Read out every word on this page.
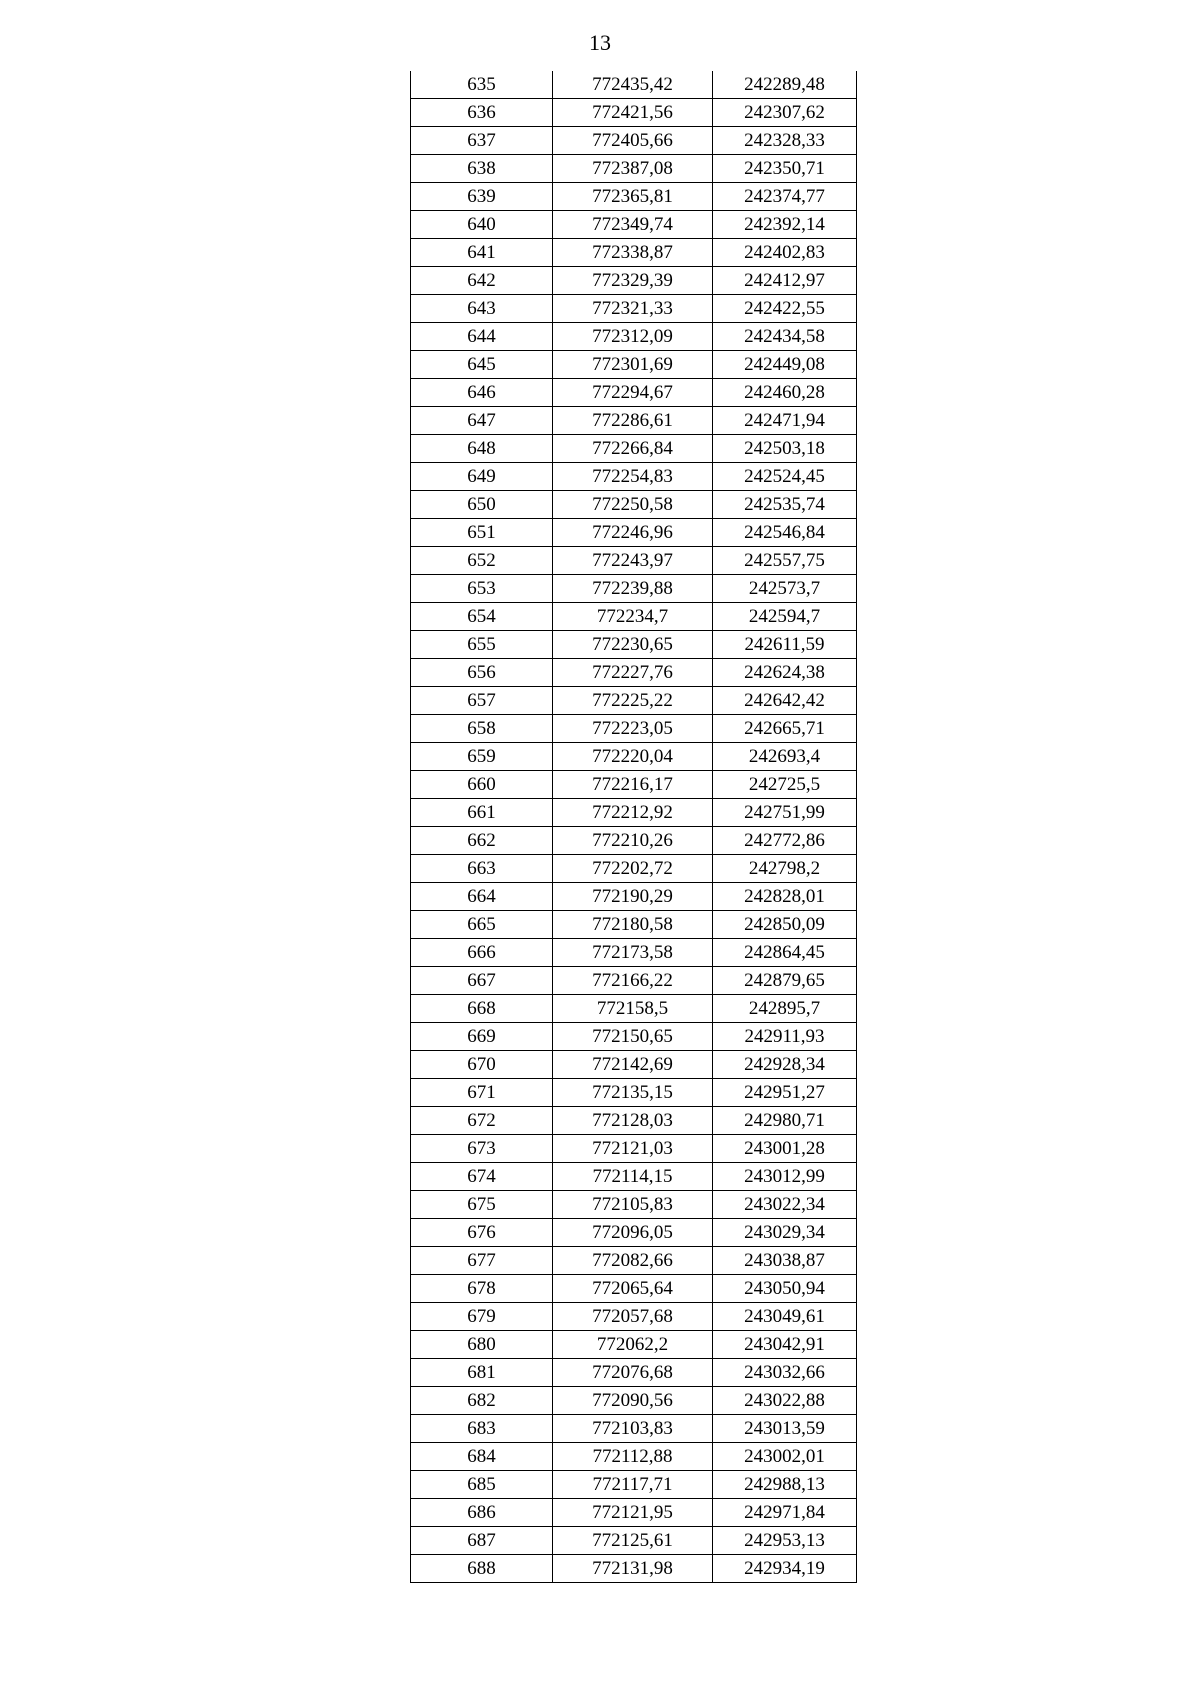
13
635	772435,42	242289,48
636	772421,56	242307,62
637	772405,66	242328,33
638	772387,08	242350,71
639	772365,81	242374,77
640	772349,74	242392,14
641	772338,87	242402,83
642	772329,39	242412,97
643	772321,33	242422,55
644	772312,09	242434,58
645	772301,69	242449,08
646	772294,67	242460,28
647	772286,61	242471,94
648	772266,84	242503,18
649	772254,83	242524,45
650	772250,58	242535,74
651	772246,96	242546,84
652	772243,97	242557,75
653	772239,88	242573,7
654	772234,7	242594,7
655	772230,65	242611,59
656	772227,76	242624,38
657	772225,22	242642,42
658	772223,05	242665,71
659	772220,04	242693,4
660	772216,17	242725,5
661	772212,92	242751,99
662	772210,26	242772,86
663	772202,72	242798,2
664	772190,29	242828,01
665	772180,58	242850,09
666	772173,58	242864,45
667	772166,22	242879,65
668	772158,5	242895,7
669	772150,65	242911,93
670	772142,69	242928,34
671	772135,15	242951,27
672	772128,03	242980,71
673	772121,03	243001,28
674	772114,15	243012,99
675	772105,83	243022,34
676	772096,05	243029,34
677	772082,66	243038,87
678	772065,64	243050,94
679	772057,68	243049,61
680	772062,2	243042,91
681	772076,68	243032,66
682	772090,56	243022,88
683	772103,83	243013,59
684	772112,88	243002,01
685	772117,71	242988,13
686	772121,95	242971,84
687	772125,61	242953,13
688	772131,98	242934,19
